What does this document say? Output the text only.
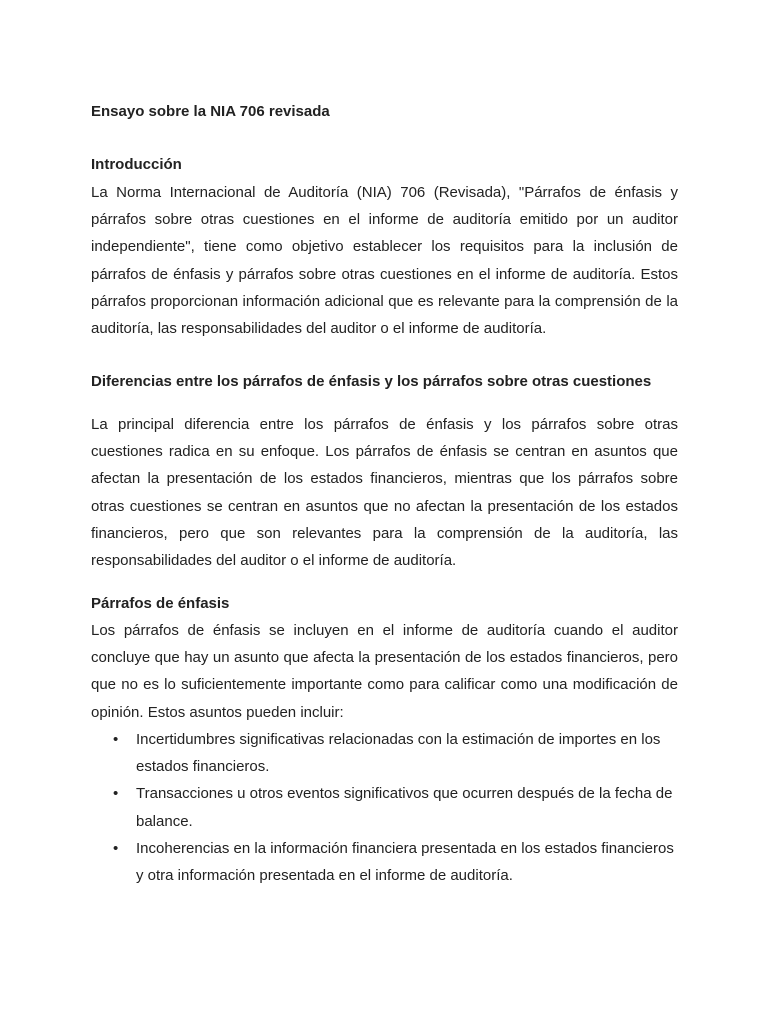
Ensayo sobre la NIA 706 revisada
Introducción

La Norma Internacional de Auditoría (NIA) 706 (Revisada), "Párrafos de énfasis y párrafos sobre otras cuestiones en el informe de auditoría emitido por un auditor independiente", tiene como objetivo establecer los requisitos para la inclusión de párrafos de énfasis y párrafos sobre otras cuestiones en el informe de auditoría. Estos párrafos proporcionan información adicional que es relevante para la comprensión de la auditoría, las responsabilidades del auditor o el informe de auditoría.

Diferencias entre los párrafos de énfasis y los párrafos sobre otras cuestiones

La principal diferencia entre los párrafos de énfasis y los párrafos sobre otras cuestiones radica en su enfoque. Los párrafos de énfasis se centran en asuntos que afectan la presentación de los estados financieros, mientras que los párrafos sobre otras cuestiones se centran en asuntos que no afectan la presentación de los estados financieros, pero que son relevantes para la comprensión de la auditoría, las responsabilidades del auditor o el informe de auditoría.

Párrafos de énfasis

Los párrafos de énfasis se incluyen en el informe de auditoría cuando el auditor concluye que hay un asunto que afecta la presentación de los estados financieros, pero que no es lo suficientemente importante como para calificar como una modificación de opinión. Estos asuntos pueden incluir:

• Incertidumbres significativas relacionadas con la estimación de importes en los estados financieros.
• Transacciones u otros eventos significativos que ocurren después de la fecha de balance.
• Incoherencias en la información financiera presentada en los estados financieros y otra información presentada en el informe de auditoría.
